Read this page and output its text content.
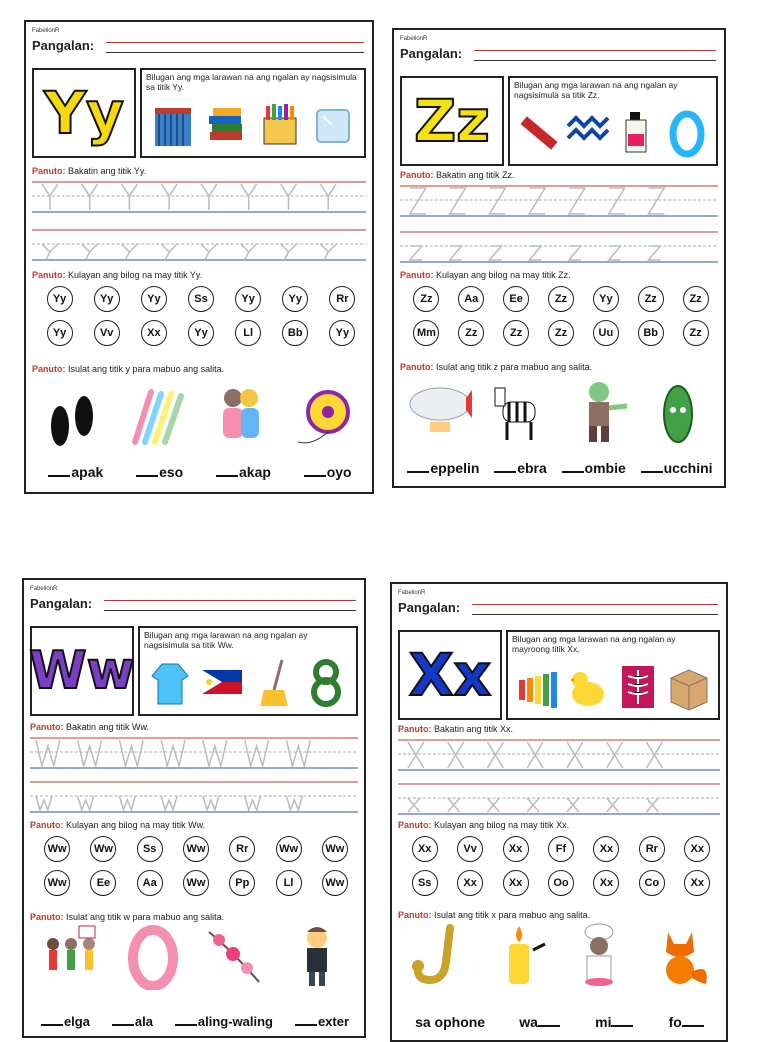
FabelionR
Pangalan:
Yy
Bilugan ang mga larawan na ang ngalan ay nagsisimula sa titik Yy.
Panuto: Bakatin ang titik Yy.
Panuto: Kulayan ang bilog na may titik Yy.
Yy	Yy	Yy	Ss	Yy	Yy	Rr
Yy	Vv	Xx	Yy	Ll	Bb	Yy
Panuto: Isulat ang titik y para mabuo ang salita.
apak	eso	akap	oyo
FabelionR
Pangalan:
Zz
Bilugan ang mga larawan na ang ngalan ay nagsisimula sa titik Zz.
Panuto: Bakatin ang titik Zz.
Panuto: Kulayan ang bilog na may titik Zz.
Zz	Aa	Ee	Zz	Yy	Zz	Zz
Mm	Zz	Zz	Zz	Uu	Bb	Zz
Panuto: Isulat ang titik z para mabuo ang salita.
eppelin	ebra	ombie	ucchini
FabelionR
Pangalan:
Ww
Bilugan ang mga larawan na ang ngalan ay nagsisimula sa titik Ww.
Panuto: Bakatin ang titik Ww.
Panuto: Kulayan ang bilog na may titik Ww.
Ww	Ww	Ss	Ww	Rr	Ww	Ww
Ww	Ee	Aa	Ww	Pp	Ll	Ww
Panuto: Isulat ang titik w para mabuo ang salita.
elga	ala	aling-waling	exter
FabelionR
Pangalan:
Xx
Bilugan ang mga larawan na ang ngalan ay mayroong titik Xx.
Panuto: Bakatin ang titik Xx.
Panuto: Kulayan ang bilog na may titik Xx.
Xx	Vv	Xx	Ff	Xx	Rr	Xx
Ss	Xx	Xx	Oo	Xx	Co	Xx
Panuto: Isulat ang titik x para mabuo ang salita.
sa ophone wa	mi	fo
